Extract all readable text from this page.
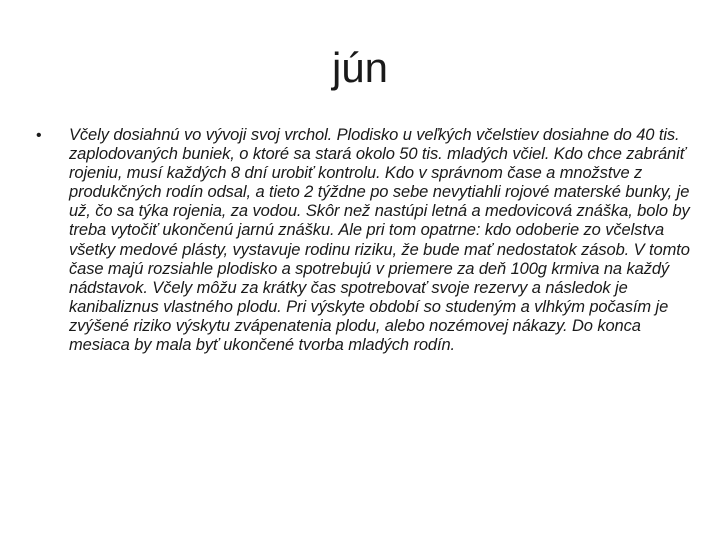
jún
• Včely dosiahnú vo vývoji svoj vrchol. Plodisko u veľkých včelstiev dosiahne do 40 tis. zaplodovaných buniek, o ktoré sa stará okolo 50 tis. mladých včiel. Kdo chce zabrániť rojeniu, musí každých 8 dní urobiť kontrolu. Kdo v správnom čase a množstve z produkčných rodín odsal, a tieto 2 týždne po sebe nevytiahli rojové materské bunky, je už, čo sa týka rojenia, za vodou. Skôr než nastúpi letná a medovicová znáška, bolo by treba vytočiť ukončenú jarnú znášku. Ale pri tom opatrne: kdo odoberie zo včelstva všetky medové plásty, vystavuje rodinu riziku, že bude mať nedostatok zásob. V tomto čase majú rozsiahle plodisko a spotrebujú v priemere za deň 100g krmiva na každý nádstavok. Včely môžu za krátky čas spotrebovať svoje rezervy a následok je kanibaliznus vlastného plodu. Pri výskyte období so studeným a vlhkým počasím je zvýšené riziko výskytu zvápenatenia plodu, alebo nozémovej nákazy. Do konca mesiaca by mala byť ukončené tvorba mladých rodín.
